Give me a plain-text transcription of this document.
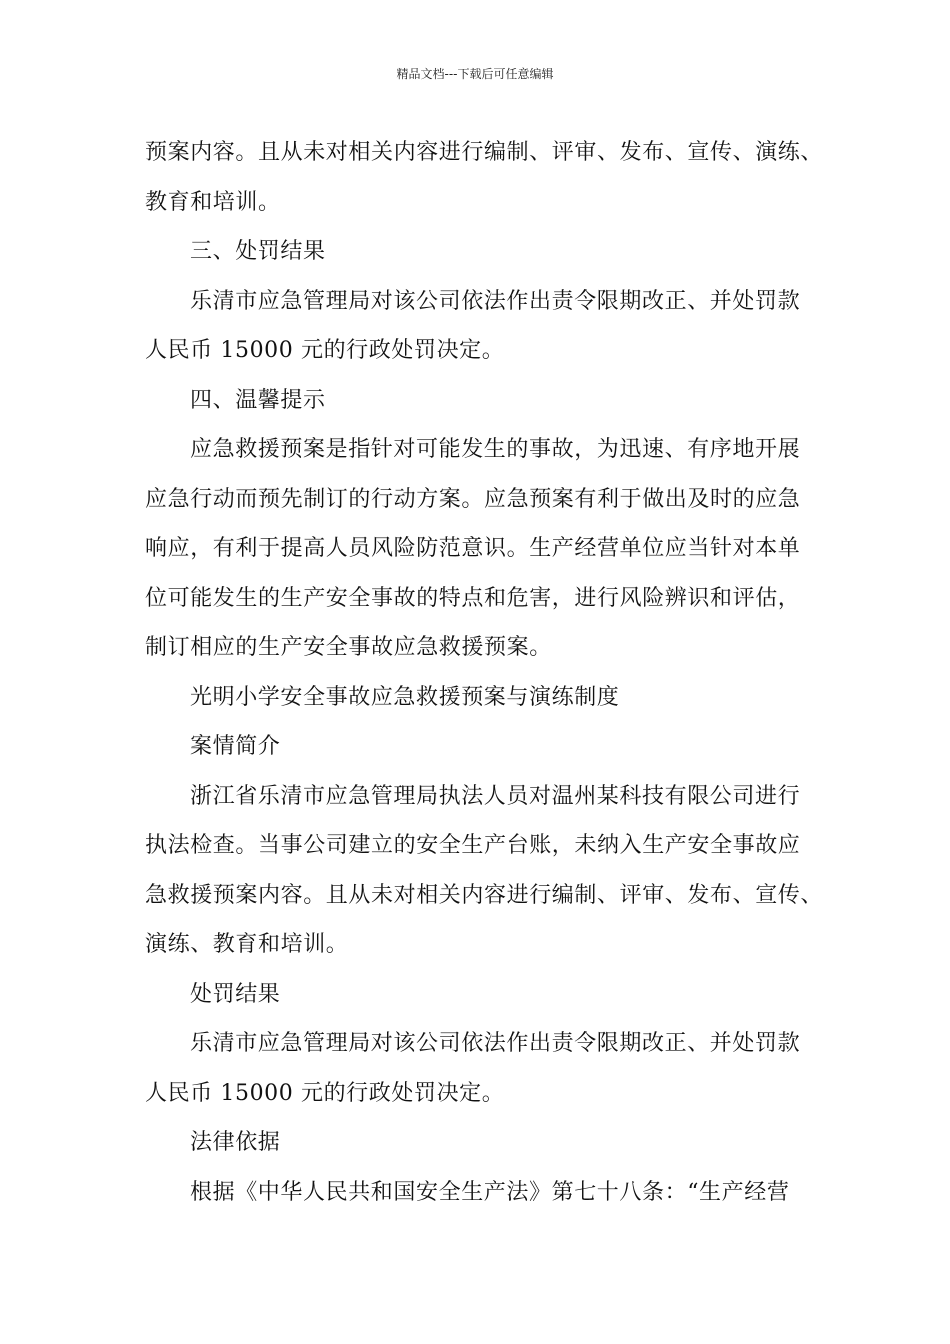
精品文档---下载后可任意编辑

预案内容。且从未对相关内容进行编制、评审、发布、宣传、演练、

教育和培训。

三、处罚结果

乐清市应急管理局对该公司依法作出责令限期改正、并处罚款

人民币 15000 元的行政处罚决定。

四、温馨提示

应急救援预案是指针对可能发生的事故，为迅速、有序地开展

应急行动而预先制订的行动方案。应急预案有利于做出及时的应急

响应，有利于提高人员风险防范意识。生产经营单位应当针对本单

位可能发生的生产安全事故的特点和危害，进行风险辨识和评估，

制订相应的生产安全事故应急救援预案。

光明小学安全事故应急救援预案与演练制度

案情简介

浙江省乐清市应急管理局执法人员对温州某科技有限公司进行

执法检查。当事公司建立的安全生产台账，未纳入生产安全事故应

急救援预案内容。且从未对相关内容进行编制、评审、发布、宣传、

演练、教育和培训。

处罚结果

乐清市应急管理局对该公司依法作出责令限期改正、并处罚款

人民币 15000 元的行政处罚决定。

法律依据

根据《中华人民共和国安全生产法》第七十八条：“生产经营
